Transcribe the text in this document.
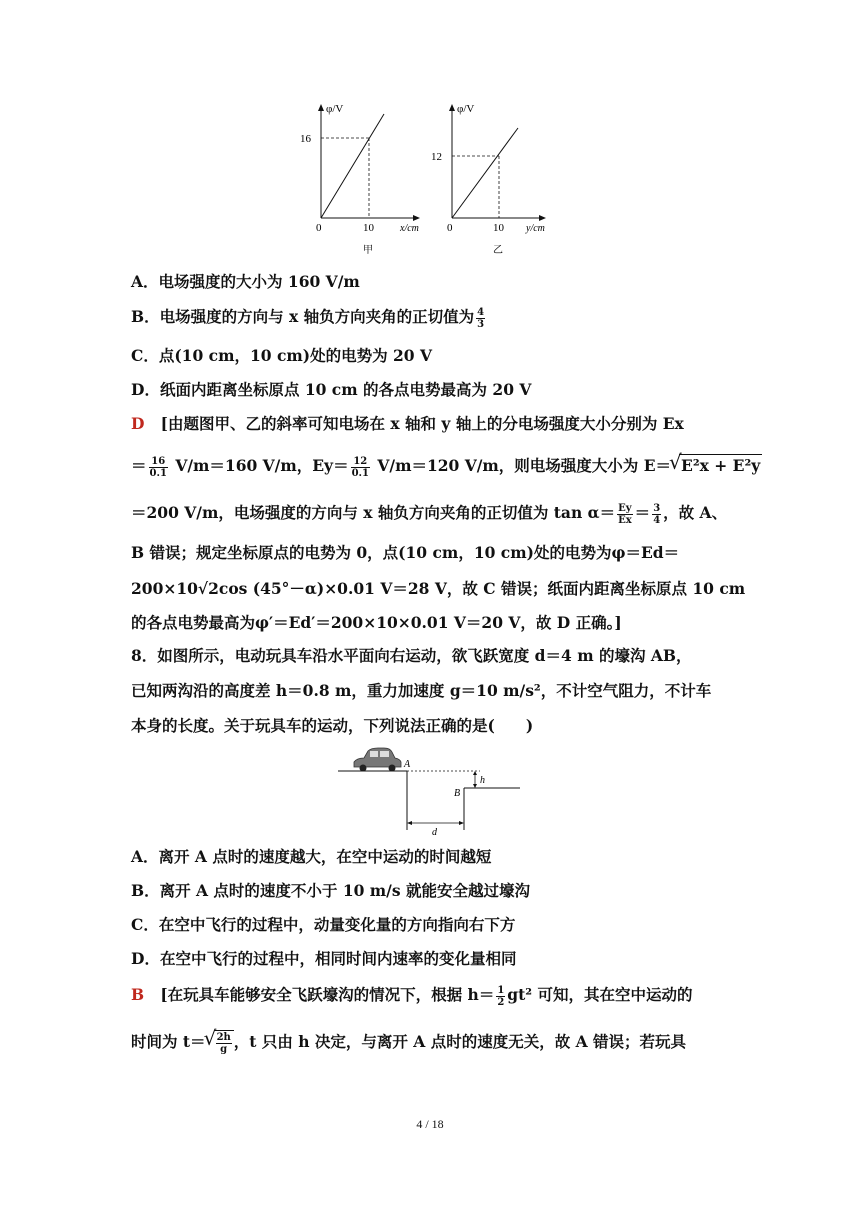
φ/V
16
10
0	x/cm
甲
φ/V
12
10
0	y/cm
乙
A．电场强度的大小为 160 V/m
B．电场强度的方向与 x 轴负方向夹角的正切值为 $\frac{4}{3}$
C．点(10 cm，10 cm)处的电势为 20 V
D．纸面内距离坐标原点 10 cm 的各点电势最高为 20 V
D [由题图甲、乙的斜率可知电场在 x 轴和 y 轴上的分电场强度大小分别为 Ex
＝ $\frac{16}{0.1} V/m=160$ V/m，$Ey= \frac{12}{0.1} V/m=120$ V/m，则电场强度大小为 E＝ √ E²x + E²y
＝200 V/m，电场强度的方向与 x 轴负方向夹角的正切值为 $\tan \alpha= \frac{Ey}{Ex} = \frac{3}{4}$ ，故 A、
B 错误；规定坐标原点的电势为 0，点(10 cm，10 cm)处的电势为φ＝Ed＝
200×10√2cos (45°－α)×0.01 V＝28 V，故 C 错误；纸面内距离坐标原点 10 cm
的各点电势最高为φ′＝Ed′＝200×10×0.01 V＝20 V，故 D 正确。]
8．如图所示，电动玩具车沿水平面向右运动，欲飞跃宽度 d＝4 m 的壕沟 AB，
已知两沟沿的高度差 h＝0.8 m，重力加速度 g＝10 m/s²，不计空气阻力，不计车
本身的长度。关于玩具车的运动，下列说法正确的是(　　)
A
B
h
d
A．离开 A 点时的速度越大，在空中运动的时间越短
B．离开 A 点时的速度不小于 10 m/s 就能安全越过壕沟
C．在空中飞行的过程中，动量变化量的方向指向右下方
D．在空中飞行的过程中，相同时间内速率的变化量相同
B [在玩具车能够安全飞跃壕沟的情况下，根据 $h= \frac{1}{2} gt^2$ 可知，其在空中运动的
时间为 t＝ √ $\frac{2h}{g}$ ，t 只由 h 决定，与离开 A 点时的速度无关，故 A 错误；若玩具
4 / 18
